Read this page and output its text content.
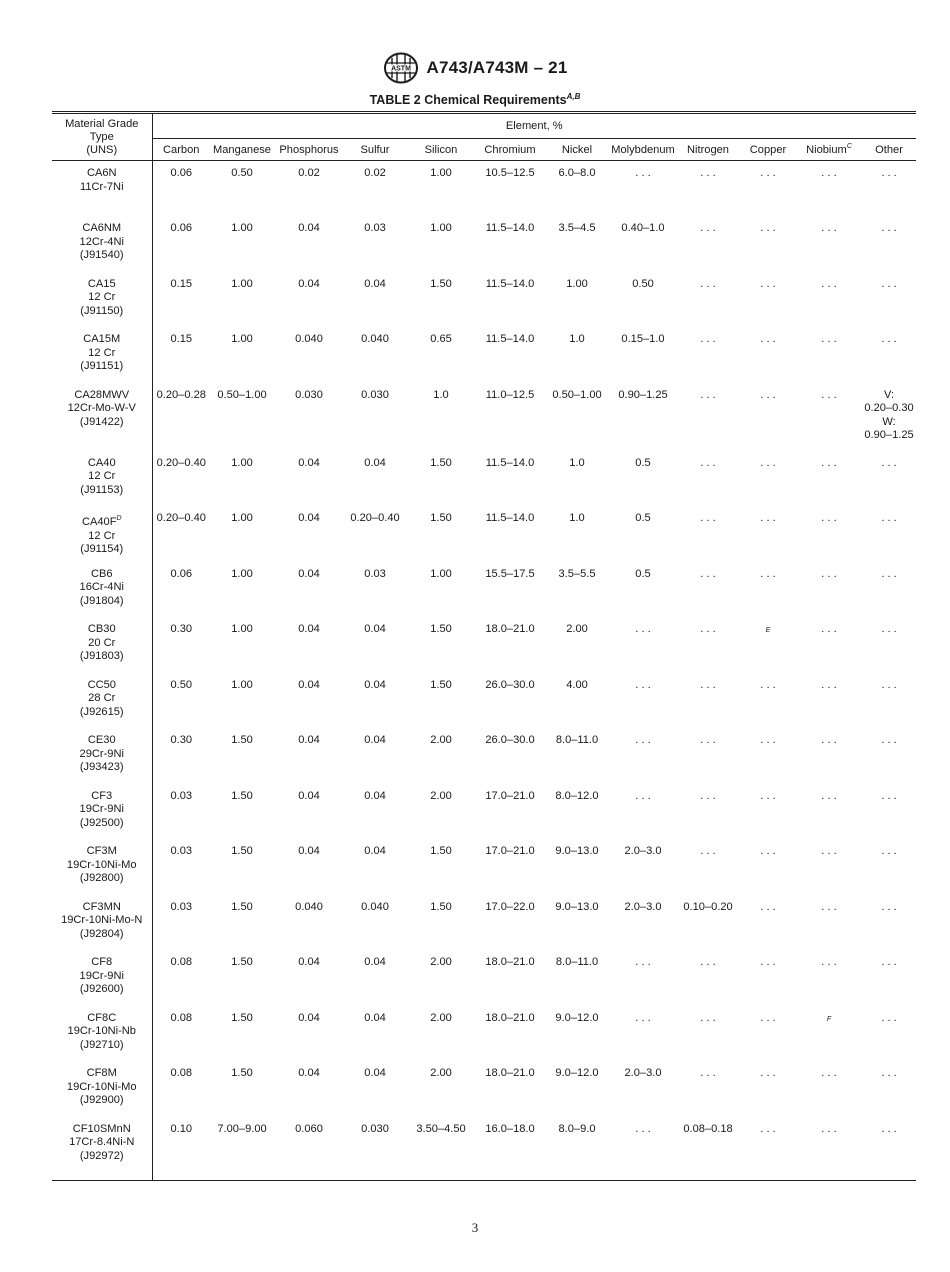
ASTM A743/A743M – 21
TABLE 2 Chemical Requirements$^{A,B}$
Material Grade
Type
(UNS)	Element, %											
	Carbon	Manganese	Phosphorus	Sulfur	Silicon	Chromium	Nickel	Molybdenum	Nitrogen	Copper	Niobium$^C$	Other

CA6N
11Cr-7Ni	0.06	0.50	0.02	0.02	1.00	10.5–12.5	6.0–8.0	. . .	. . .	. . .	. . .	. . .

CA6NM
12Cr-4Ni
(J91540)	0.06	1.00	0.04	0.03	1.00	11.5–14.0	3.5–4.5	0.40–1.0	. . .	. . .	. . .	. . .

CA15
12 Cr
(J91150)	0.15	1.00	0.04	0.04	1.50	11.5–14.0	1.00	0.50	. . .	. . .	. . .	. . .

CA15M
12 Cr
(J91151)	0.15	1.00	0.040	0.040	0.65	11.5–14.0	1.0	0.15–1.0	. . .	. . .	. . .	. . .

CA28MWV
12Cr-Mo-W-V
(J91422)	0.20–0.28	0.50–1.00	0.030	0.030	1.0	11.0–12.5	0.50–1.00	0.90–1.25	. . .	. . .	. . .	V:
0.20–0.30
W:
0.90–1.25

CA40
12 Cr
(J91153)	0.20–0.40	1.00	0.04	0.04	1.50	11.5–14.0	1.0	0.5	. . .	. . .	. . .	. . .

CA40F$^D$
12 Cr
(J91154)	0.20–0.40	1.00	0.04	0.20–0.40	1.50	11.5–14.0	1.0	0.5	. . .	. . .	. . .	. . .

CB6
16Cr-4Ni
(J91804)	0.06	1.00	0.04	0.03	1.00	15.5–17.5	3.5–5.5	0.5	. . .	. . .	. . .	. . .

CB30
20 Cr
(J91803)	0.30	1.00	0.04	0.04	1.50	18.0–21.0	2.00	. . .	. . .	E	. . .	. . .

CC50
28 Cr
(J92615)	0.50	1.00	0.04	0.04	1.50	26.0–30.0	4.00	. . .	. . .	. . .	. . .	. . .

CE30
29Cr-9Ni
(J93423)	0.30	1.50	0.04	0.04	2.00	26.0–30.0	8.0–11.0	. . .	. . .	. . .	. . .	. . .

CF3
19Cr-9Ni
(J92500)	0.03	1.50	0.04	0.04	2.00	17.0–21.0	8.0–12.0	. . .	. . .	. . .	. . .	. . .

CF3M
19Cr-10Ni-Mo
(J92800)	0.03	1.50	0.04	0.04	1.50	17.0–21.0	9.0–13.0	2.0–3.0	. . .	. . .	. . .	. . .

CF3MN
19Cr-10Ni-Mo-N
(J92804)	0.03	1.50	0.040	0.040	1.50	17.0–22.0	9.0–13.0	2.0–3.0	0.10–0.20	. . .	. . .	. . .

CF8
19Cr-9Ni
(J92600)	0.08	1.50	0.04	0.04	2.00	18.0–21.0	8.0–11.0	. . .	. . .	. . .	. . .	. . .

CF8C
19Cr-10Ni-Nb
(J92710)	0.08	1.50	0.04	0.04	2.00	18.0–21.0	9.0–12.0	. . .	. . .	. . .	F	. . .

CF8M
19Cr-10Ni-Mo
(J92900)	0.08	1.50	0.04	0.04	2.00	18.0–21.0	9.0–12.0	2.0–3.0	. . .	. . .	. . .	. . .

CF10SMnN
17Cr-8.4Ni-N
(J92972)	0.10	7.00–9.00	0.060	0.030	3.50–4.50	16.0–18.0	8.0–9.0	. . .	0.08–0.18	. . .	. . .	. . .

3
